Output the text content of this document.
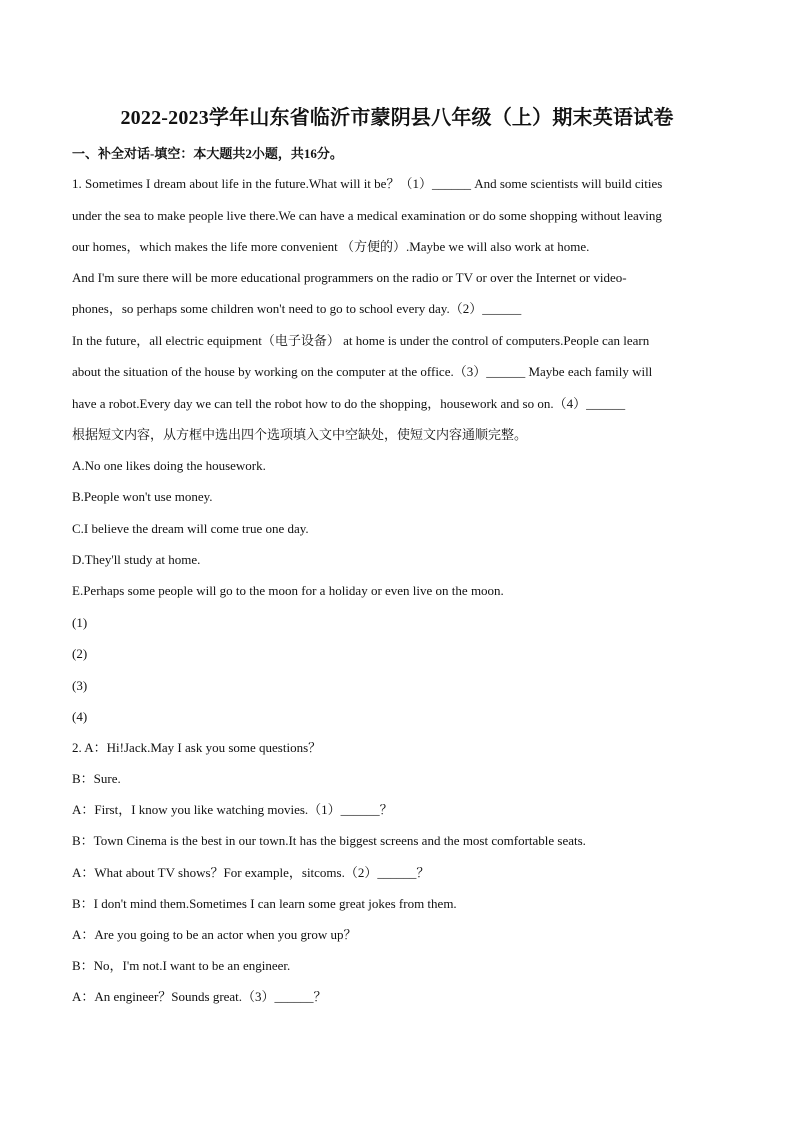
2022-2023学年山东省临沂市蒙阴县八年级（上）期末英语试卷
一、补全对话-填空：本大题共2小题，共16分。
1. Sometimes I dream about life in the future.What will it be？（1）______ And some scientists will build cities
under the sea to make people live there.We can have a medical examination or do some shopping without leaving
our homes，which makes the life more convenient （方便的）.Maybe we will also work at home.
And I'm sure there will be more educational programmers on the radio or TV or over the Internet or video-
phones，so perhaps some children won't need to go to school every day.（2）______
In the future，all electric equipment（电子设备） at home is under the control of computers.People can learn
about the situation of the house by working on the computer at the office.（3）______ Maybe each family will
have a robot.Every day we can tell the robot how to do the shopping，housework and so on.（4）______
根据短文内容，从方框中选出四个选项填入文中空缺处，使短文内容通顺完整。
A.No one likes doing the housework.
B.People won't use money.
C.I believe the dream will come true one day.
D.They'll study at home.
E.Perhaps some people will go to the moon for a holiday or even live on the moon.
(1)
(2)
(3)
(4)
2. A：Hi!Jack.May I ask you some questions？
B：Sure.
A：First，I know you like watching movies.（1）______？
B：Town Cinema is the best in our town.It has the biggest screens and the most comfortable seats.
A：What about TV shows？For example，sitcoms.（2）______？
B：I don't mind them.Sometimes I can learn some great jokes from them.
A：Are you going to be an actor when you grow up？
B：No，I'm not.I want to be an engineer.
A：An engineer？Sounds great.（3）______？
